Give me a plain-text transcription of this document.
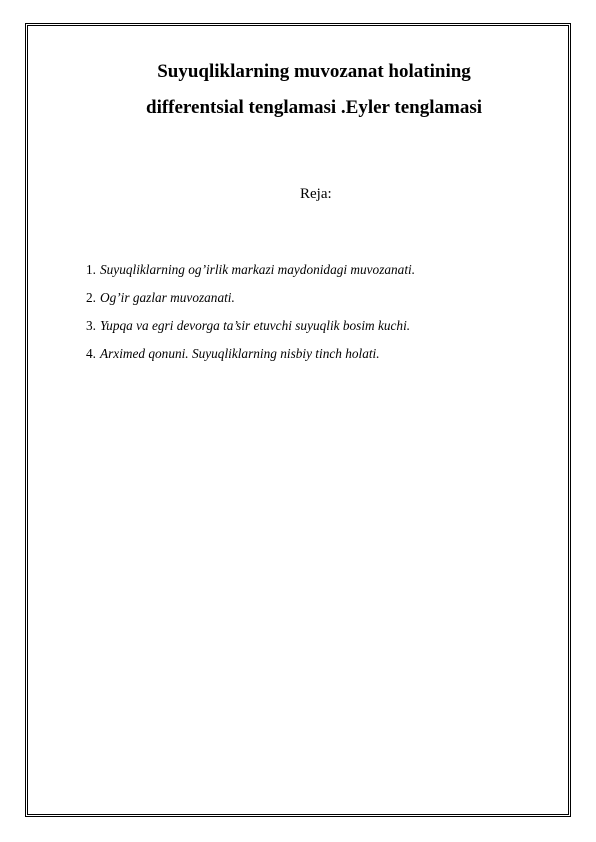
Suyuqliklarning muvozanat holatining
differentsial tenglamasi .Eyler tenglamasi
Reja:
1. Suyuqliklarning og’irlik markazi maydonidagi muvozanati.
2. Og’ir gazlar muvozanati.
3. Yupqa va egri devorga ta’sir etuvchi suyuqlik bosim kuchi.
4. Arximed qonuni. Suyuqliklarning nisbiy tinch holati.
